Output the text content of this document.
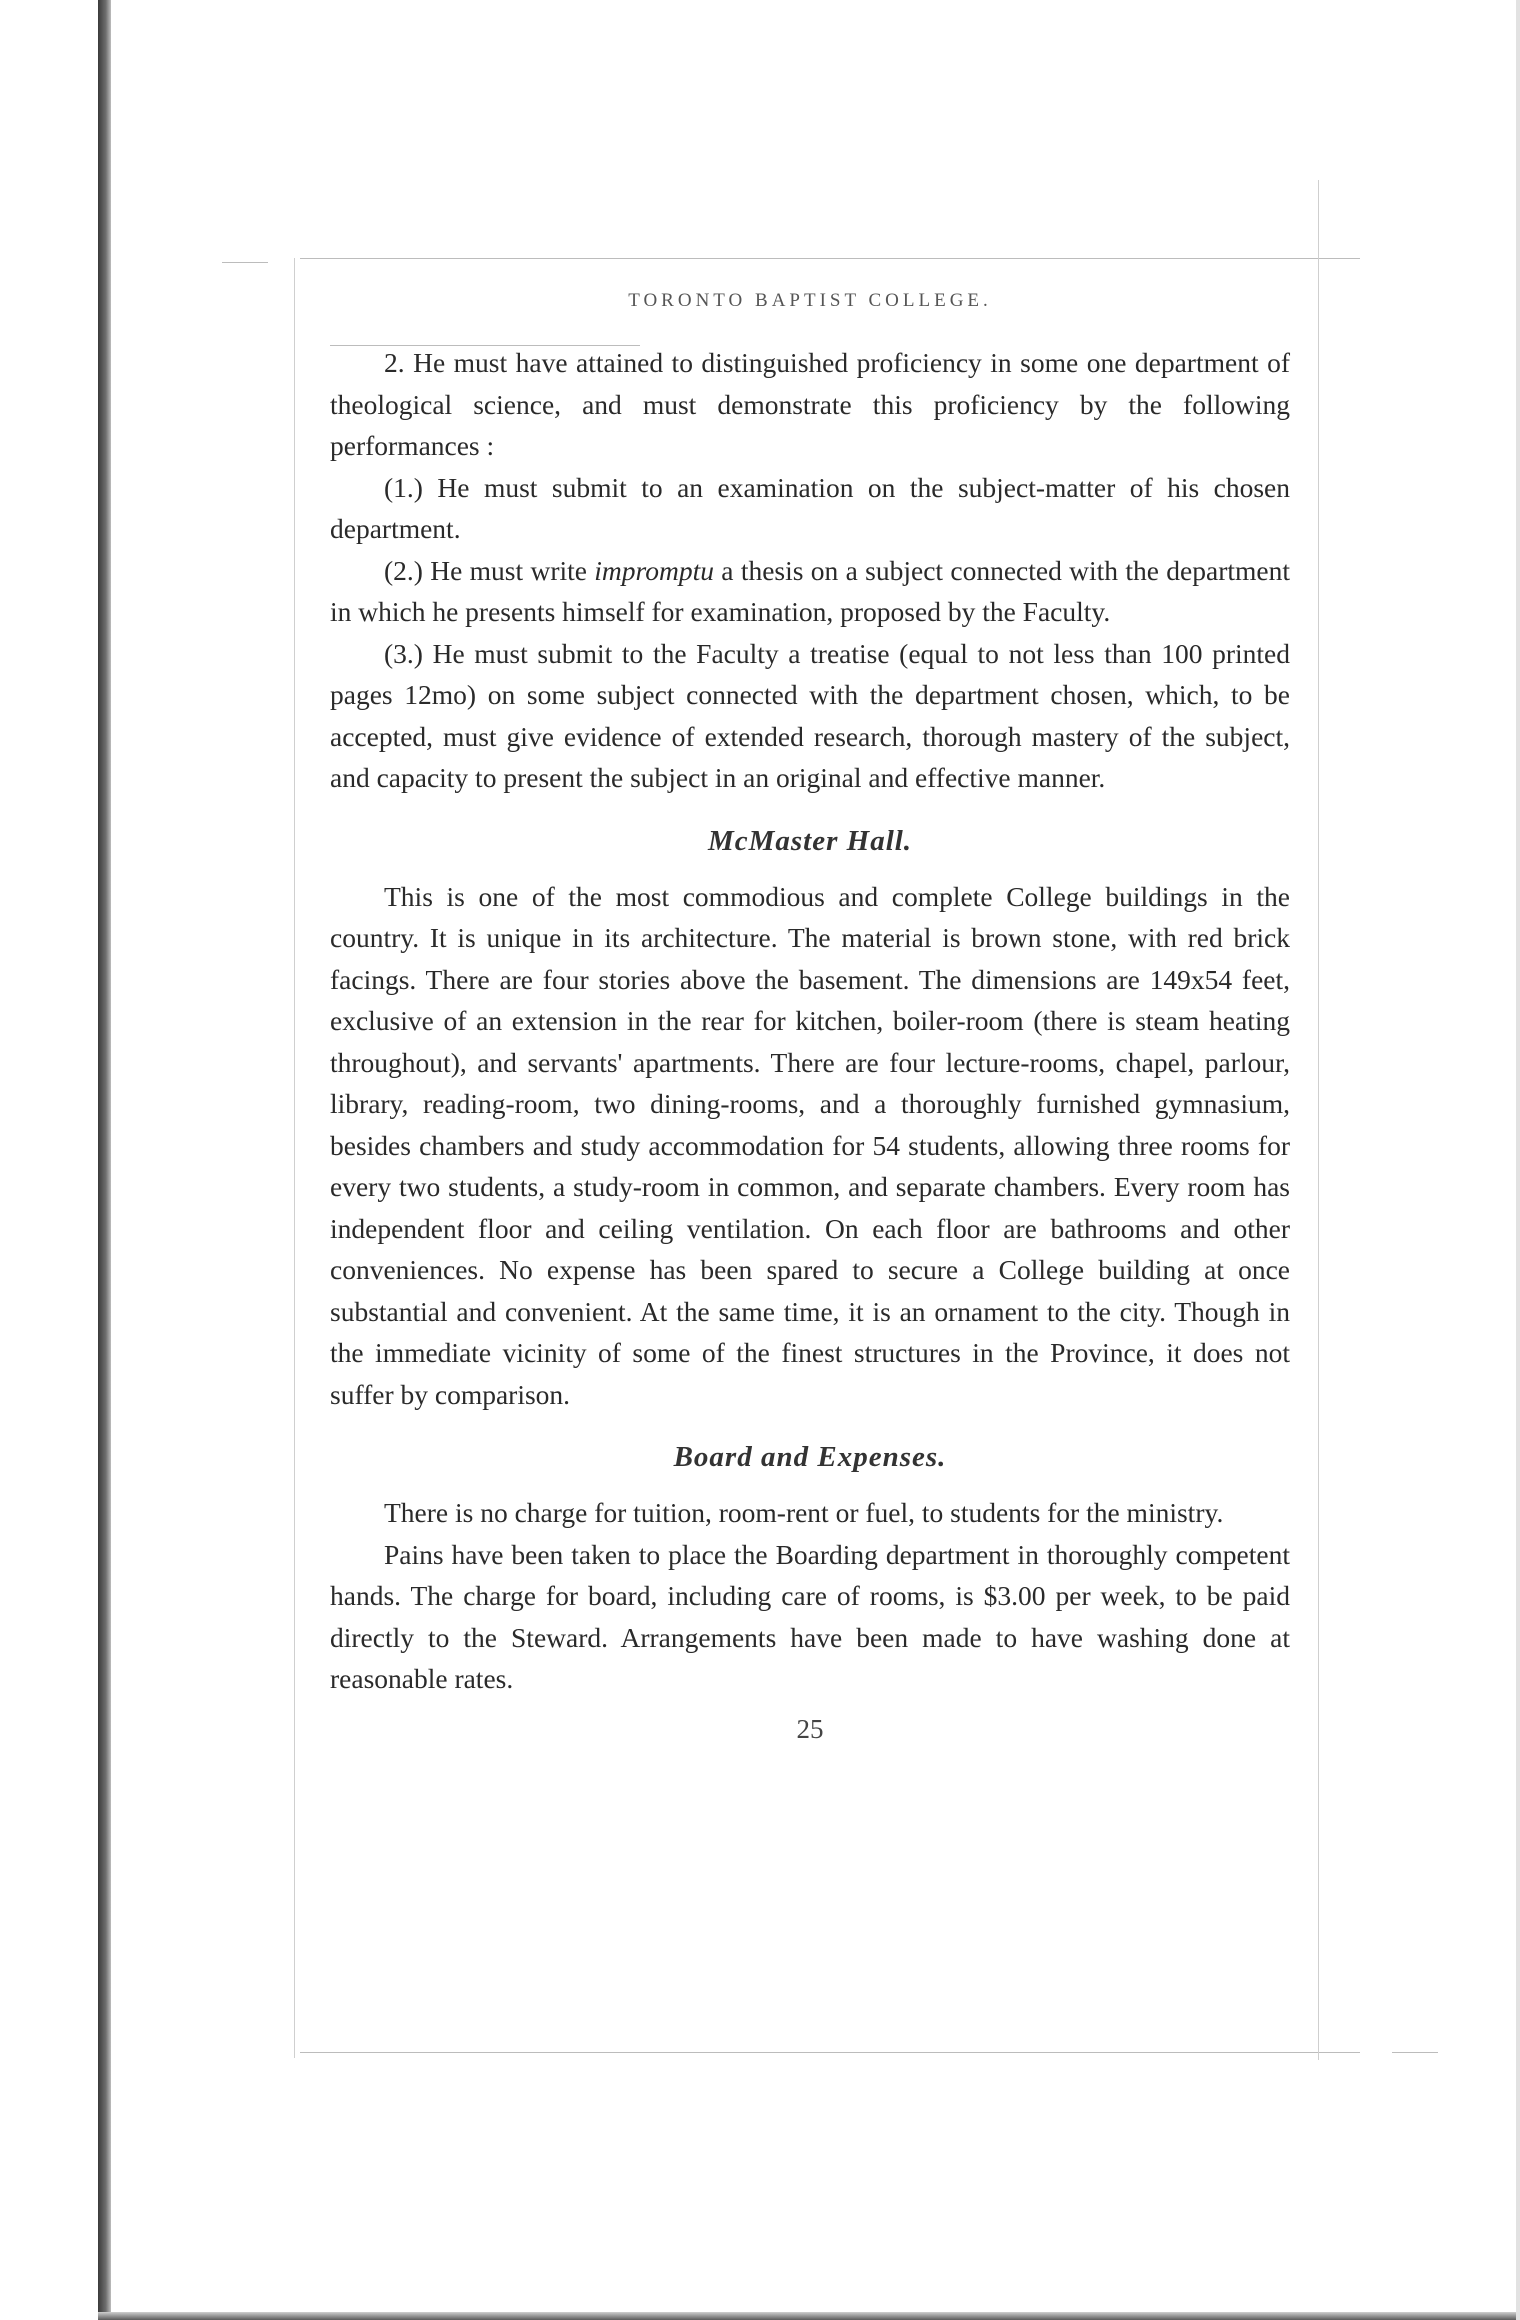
TORONTO BAPTIST COLLEGE.

2. He must have attained to distinguished proficiency in some one department of theological science, and must demonstrate this proficiency by the following performances :

(1.) He must submit to an examination on the subject-matter of his chosen department.

(2.) He must write impromptu a thesis on a subject connected with the department in which he presents himself for examination, proposed by the Faculty.

(3.) He must submit to the Faculty a treatise (equal to not less than 100 printed pages 12mo) on some subject connected with the department chosen, which, to be accepted, must give evidence of extended research, thorough mastery of the subject, and capacity to present the subject in an original and effective manner.

McMaster Hall.

This is one of the most commodious and complete College buildings in the country. It is unique in its architecture. The material is brown stone, with red brick facings. There are four stories above the basement. The dimensions are 149x54 feet, exclusive of an extension in the rear for kitchen, boiler-room (there is steam heating throughout), and servants' apartments. There are four lecture-rooms, chapel, parlour, library, reading-room, two dining-rooms, and a thoroughly furnished gymnasium, besides chambers and study accommodation for 54 students, allowing three rooms for every two students, a study-room in common, and separate chambers. Every room has independent floor and ceiling ventilation. On each floor are bathrooms and other conveniences. No expense has been spared to secure a College building at once substantial and convenient. At the same time, it is an ornament to the city. Though in the immediate vicinity of some of the finest structures in the Province, it does not suffer by comparison.

Board and Expenses.

There is no charge for tuition, room-rent or fuel, to students for the ministry.

Pains have been taken to place the Boarding department in thoroughly competent hands. The charge for board, including care of rooms, is $3.00 per week, to be paid directly to the Steward. Arrangements have been made to have washing done at reasonable rates.

25
